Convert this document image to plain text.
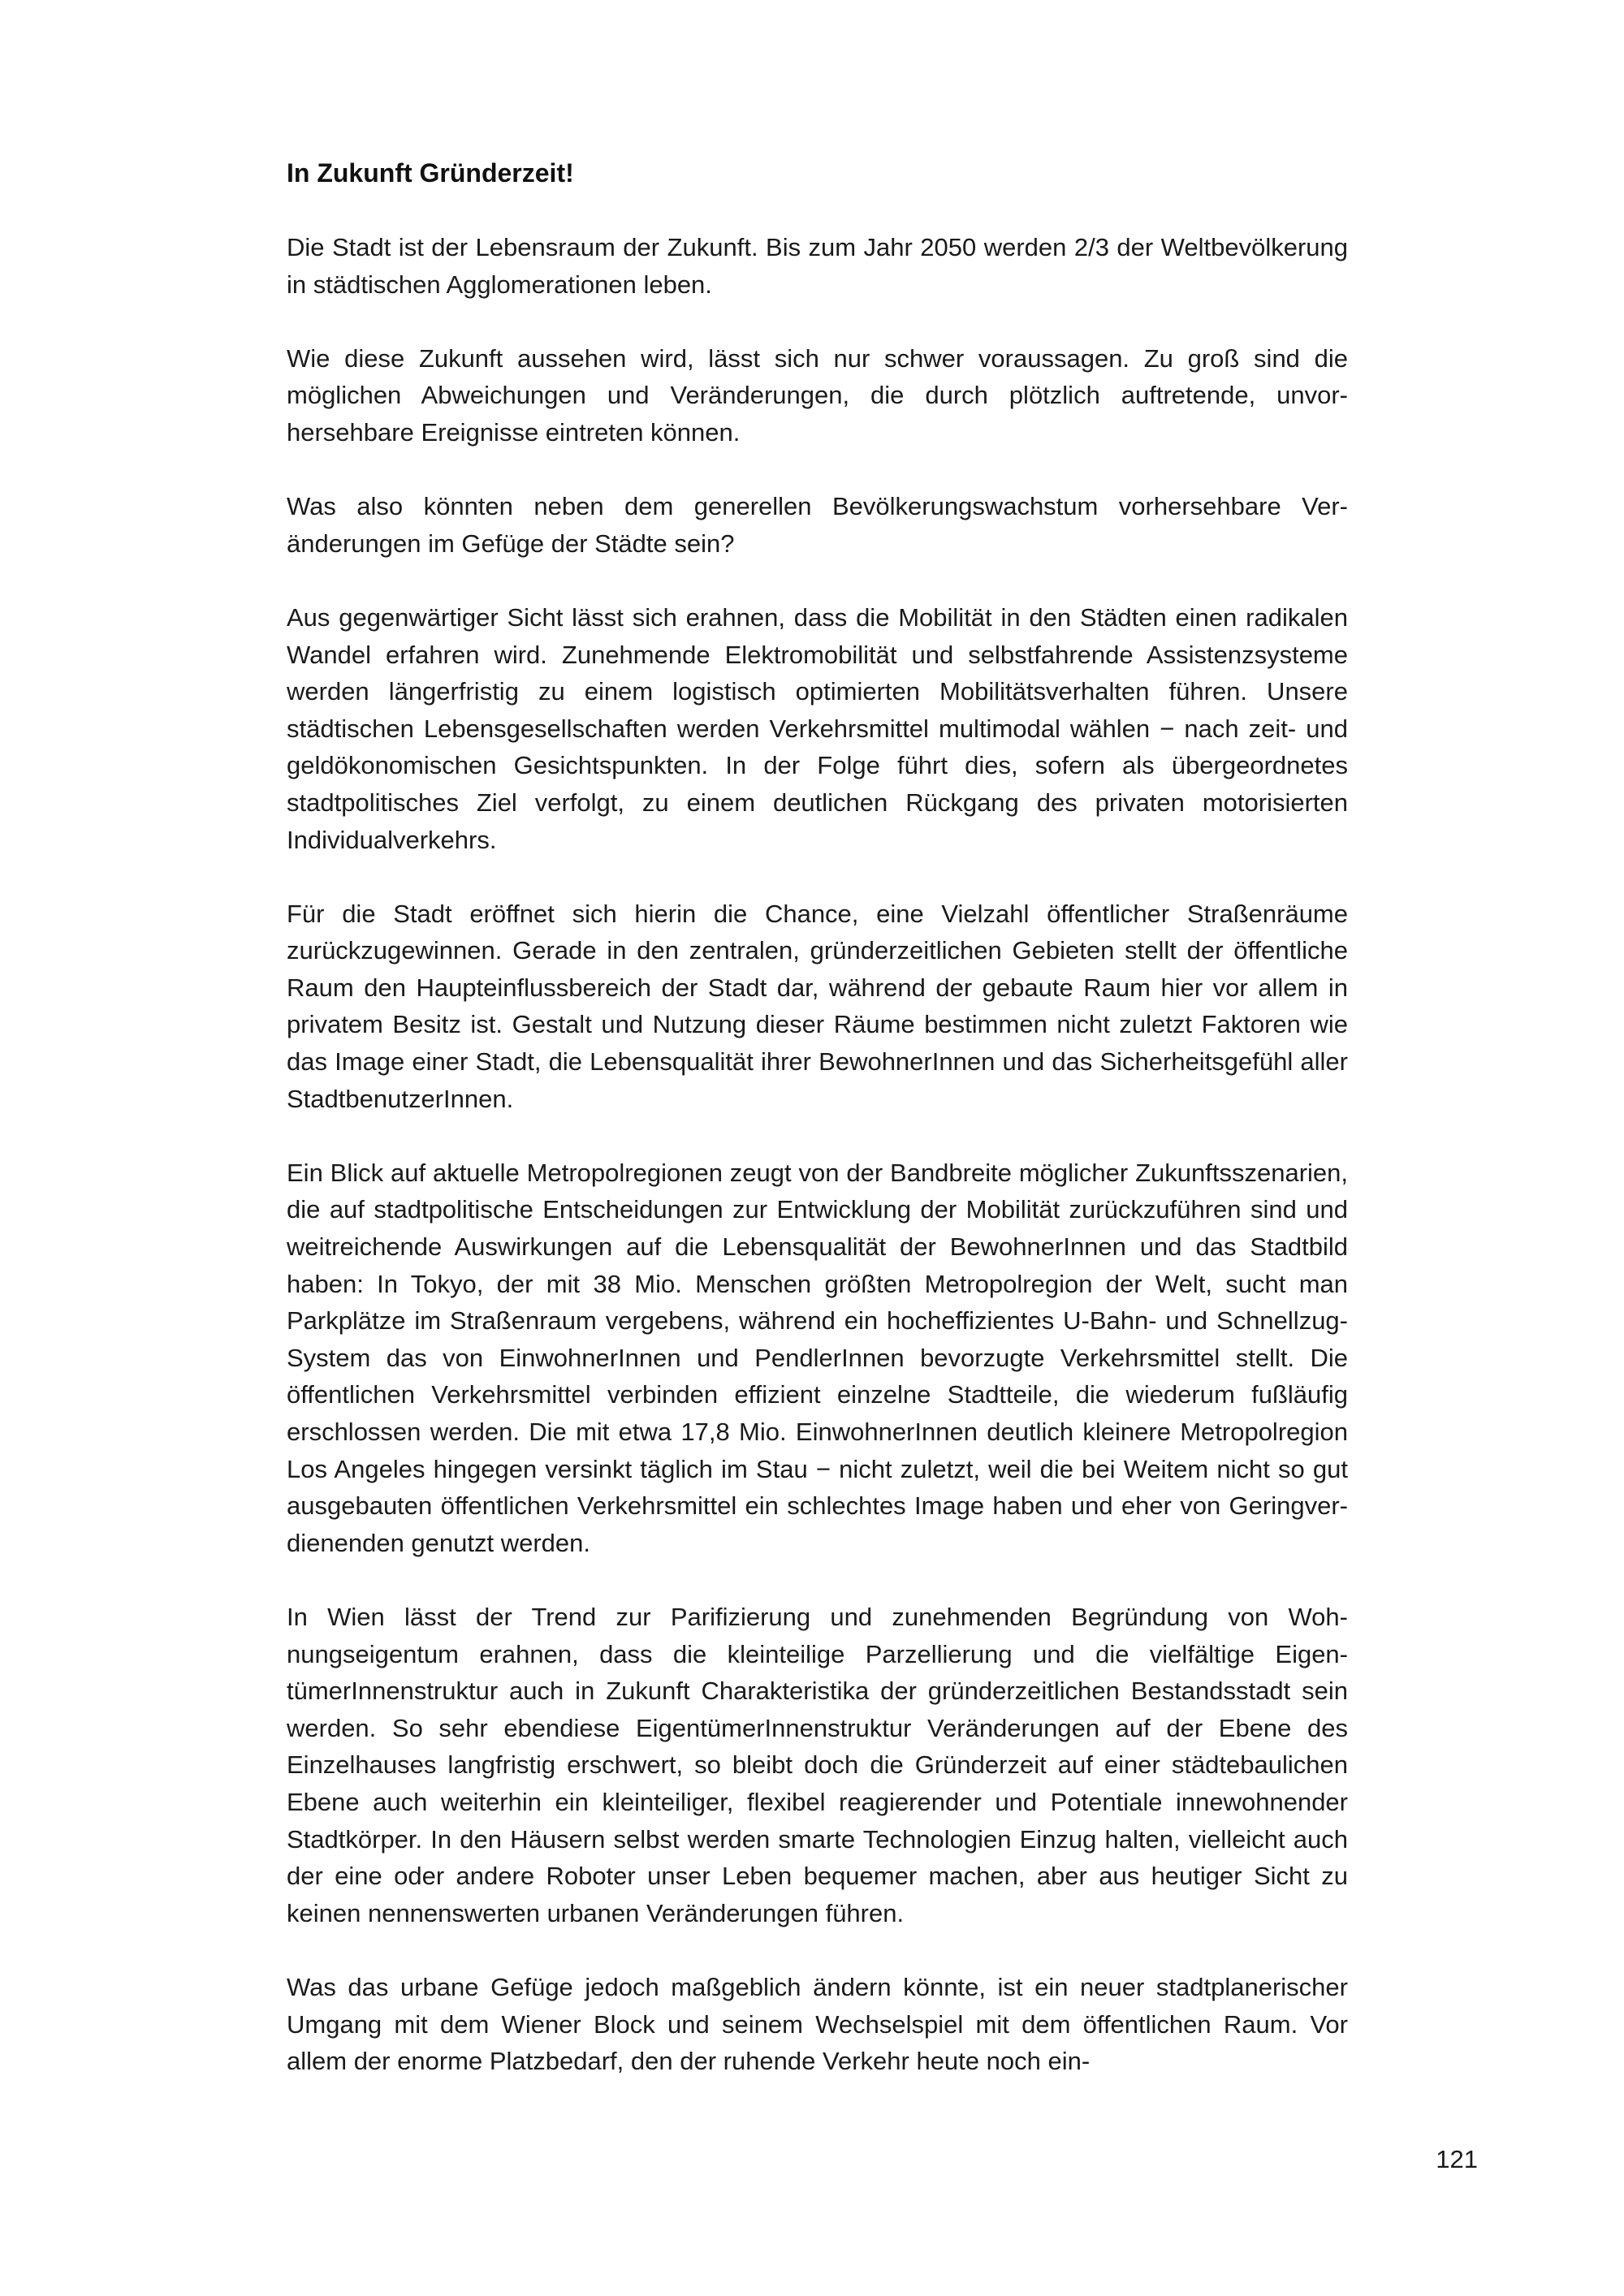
In Zukunft Gründerzeit!

Die Stadt ist der Lebensraum der Zukunft. Bis zum Jahr 2050 werden 2/3 der Weltbevölkerung in städtischen Agglomerationen leben.

Wie diese Zukunft aussehen wird, lässt sich nur schwer voraussagen. Zu groß sind die möglichen Abweichungen und Veränderungen, die durch plötzlich auftretende, unvorhersehbare Ereignisse eintreten können.

Was also könnten neben dem generellen Bevölkerungswachstum vorhersehbare Veränderungen im Gefüge der Städte sein?

Aus gegenwärtiger Sicht lässt sich erahnen, dass die Mobilität in den Städten einen radikalen Wandel erfahren wird. Zunehmende Elektromobilität und selbstfahrende Assistenzsysteme werden längerfristig zu einem logistisch optimierten Mobilitätsverhalten führen. Unsere städtischen Lebensgesellschaften werden Verkehrsmittel multimodal wählen − nach zeit- und geldökonomischen Gesichtspunkten. In der Folge führt dies, sofern als übergeordnetes stadtpolitisches Ziel verfolgt, zu einem deutlichen Rückgang des privaten motorisierten Individualverkehrs.

Für die Stadt eröffnet sich hierin die Chance, eine Vielzahl öffentlicher Straßenräume zurückzugewinnen. Gerade in den zentralen, gründerzeitlichen Gebieten stellt der öffentliche Raum den Haupteinflussbereich der Stadt dar, während der gebaute Raum hier vor allem in privatem Besitz ist. Gestalt und Nutzung dieser Räume bestimmen nicht zuletzt Faktoren wie das Image einer Stadt, die Lebensqualität ihrer BewohnerInnen und das Sicherheitsgefühl aller StadtbenutzerInnen.

Ein Blick auf aktuelle Metropolregionen zeugt von der Bandbreite möglicher Zukunftsszenarien, die auf stadtpolitische Entscheidungen zur Entwicklung der Mobilität zurückzuführen sind und weitreichende Auswirkungen auf die Lebensqualität der BewohnerInnen und das Stadtbild haben: In Tokyo, der mit 38 Mio. Menschen größten Metropolregion der Welt, sucht man Parkplätze im Straßenraum vergebens, während ein hocheffizientes U-Bahn- und Schnellzug-System das von EinwohnerInnen und PendlerInnen bevorzugte Verkehrsmittel stellt. Die öffentlichen Verkehrsmittel verbinden effizient einzelne Stadtteile, die wiederum fußläufig erschlossen werden. Die mit etwa 17,8 Mio. EinwohnerInnen deutlich kleinere Metropolregion Los Angeles hingegen versinkt täglich im Stau − nicht zuletzt, weil die bei Weitem nicht so gut ausgebauten öffentlichen Verkehrsmittel ein schlechtes Image haben und eher von Geringverdienenden genutzt werden.

In Wien lässt der Trend zur Parifizierung und zunehmenden Begründung von Wohnungseigentum erahnen, dass die kleinteilige Parzellierung und die vielfältige EigentümerInnenstruktur auch in Zukunft Charakteristika der gründerzeitlichen Bestandsstadt sein werden. So sehr ebendiese EigentümerInnenstruktur Veränderungen auf der Ebene des Einzelhauses langfristig erschwert, so bleibt doch die Gründerzeit auf einer städtebaulichen Ebene auch weiterhin ein kleinteiliger, flexibel reagierender und Potentiale innewohnender Stadtkörper. In den Häusern selbst werden smarte Technologien Einzug halten, vielleicht auch der eine oder andere Roboter unser Leben bequemer machen, aber aus heutiger Sicht zu keinen nennenswerten urbanen Veränderungen führen.

Was das urbane Gefüge jedoch maßgeblich ändern könnte, ist ein neuer stadtplanerischer Umgang mit dem Wiener Block und seinem Wechselspiel mit dem öffentlichen Raum. Vor allem der enorme Platzbedarf, den der ruhende Verkehr heute noch ein-

121
